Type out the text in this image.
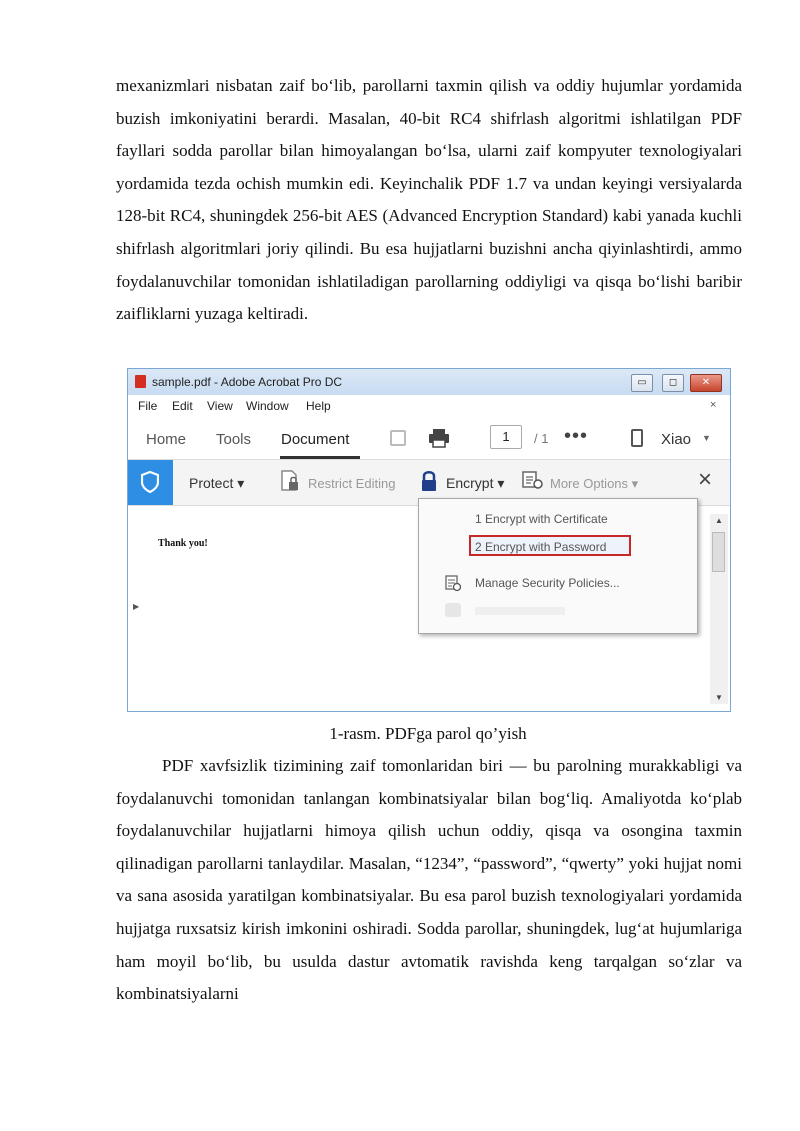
mexanizmlari nisbatan zaif bo‘lib, parollarni taxmin qilish va oddiy hujumlar yordamida buzish imkoniyatini berardi. Masalan, 40-bit RC4 shifrlash algoritmi ishlatilgan PDF fayllari sodda parollar bilan himoyalangan bo‘lsa, ularni zaif kompyuter texnologiyalari yordamida tezda ochish mumkin edi. Keyinchalik PDF 1.7 va undan keyingi versiyalarda 128-bit RC4, shuningdek 256-bit AES (Advanced Encryption Standard) kabi yanada kuchli shifrlash algoritmlari joriy qilindi. Bu esa hujjatlarni buzishni ancha qiyinlashtirdi, ammo foydalanuvchilar tomonidan ishlatiladigan parollarning oddiyligi va qisqa bo‘lishi baribir zaifliklarni yuzaga keltiradi.

sample.pdf - Adobe Acrobat Pro DC	▭	◻	✕
File Edit View Window Help	×
Home Tools Document	1	/ 1 •••	Xiao ▼
Protect ▾	Restrict Editing	Encrypt ▾	More Options ▾ ×
Thank you!
▶
▲
▼
1 Encrypt with Certificate
2 Encrypt with Password
Manage Security Policies...
1-rasm. PDFga parol qo’yish

PDF xavfsizlik tizimining zaif tomonlaridan biri — bu parolning murakkabligi va foydalanuvchi tomonidan tanlangan kombinatsiyalar bilan bog‘liq. Amaliyotda ko‘plab foydalanuvchilar hujjatlarni himoya qilish uchun oddiy, qisqa va osongina taxmin qilinadigan parollarni tanlaydilar. Masalan, “1234”, “password”, “qwerty” yoki hujjat nomi va sana asosida yaratilgan kombinatsiyalar. Bu esa parol buzish texnologiyalari yordamida hujjatga ruxsatsiz kirish imkonini oshiradi. Sodda parollar, shuningdek, lug‘at hujumlariga ham moyil bo‘lib, bu usulda dastur avtomatik ravishda keng tarqalgan so‘zlar va kombinatsiyalarni
